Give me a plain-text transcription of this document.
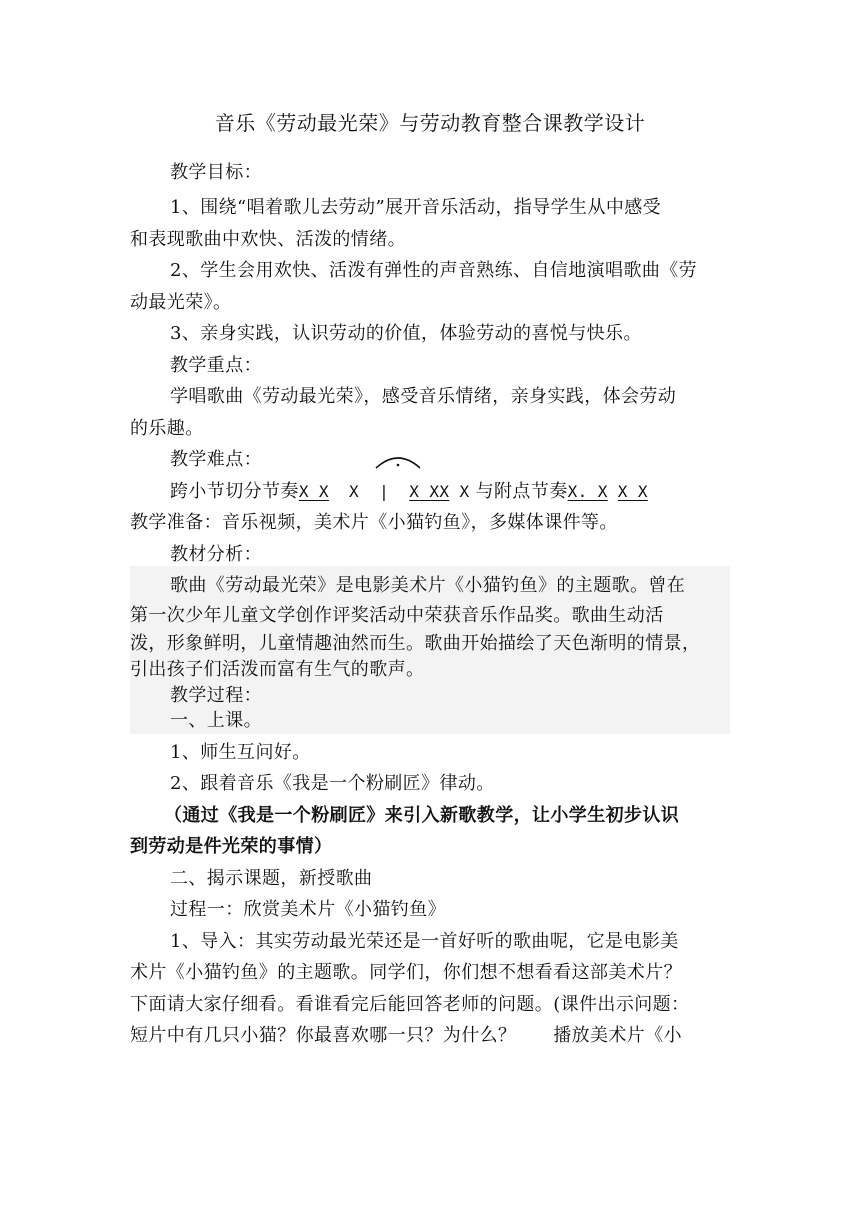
音乐《劳动最光荣》与劳动教育整合课教学设计
教学目标：
1、围绕“唱着歌儿去劳动”展开音乐活动，指导学生从中感受
和表现歌曲中欢快、活泼的情绪。
2、学生会用欢快、活泼有弹性的声音熟练、自信地演唱歌曲《劳
动最光荣》。
3、亲身实践，认识劳动的价值，体验劳动的喜悦与快乐。
教学重点：
学唱歌曲《劳动最光荣》，感受音乐情绪，亲身实践，体会劳动
的乐趣。
教学难点：
跨小节切分节奏X X X | X XX X 与附点节奏X. X X X
教学准备：音乐视频，美术片《小猫钓鱼》，多媒体课件等。
教材分析：
歌曲《劳动最光荣》是电影美术片《小猫钓鱼》的主题歌。曾在
第一次少年儿童文学创作评奖活动中荣获音乐作品奖。歌曲生动活
泼，形象鲜明，儿童情趣油然而生。歌曲开始描绘了天色渐明的情景，
引出孩子们活泼而富有生气的歌声。
教学过程：
一、上课。
1、师生互问好。
2、跟着音乐《我是一个粉刷匠》律动。
（通过《我是一个粉刷匠》来引入新歌教学，让小学生初步认识
到劳动是件光荣的事情）
二、揭示课题，新授歌曲
过程一：欣赏美术片《小猫钓鱼》
1、导入：其实劳动最光荣还是一首好听的歌曲呢，它是电影美
术片《小猫钓鱼》的主题歌。同学们，你们想不想看看这部美术片？
下面请大家仔细看。看谁看完后能回答老师的问题。(课件出示问题：
短片中有几只小猫？你最喜欢哪一只？为什么？　　播放美术片《小
